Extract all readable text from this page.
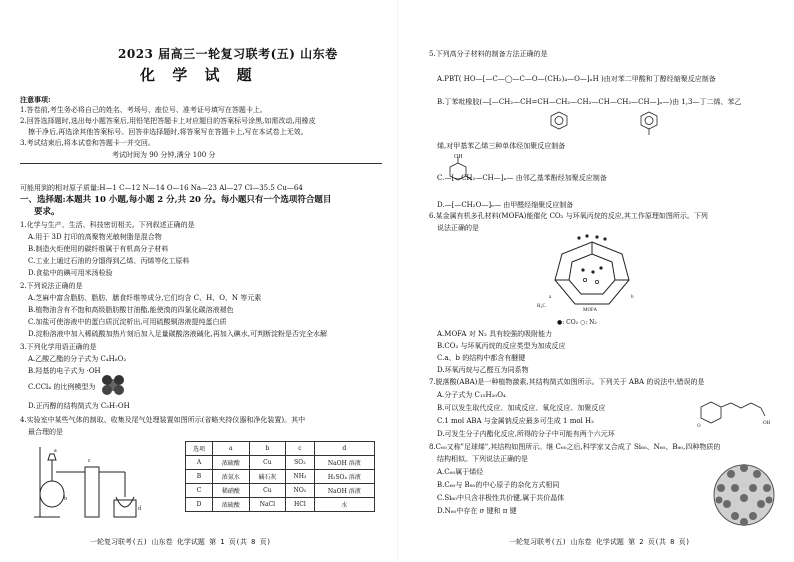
2023 届高三一轮复习联考(五) 山东卷
化 学 试 题
注意事项:
1.答卷前,考生务必将自己的姓名、考场号、座位号、准考证号填写在答题卡上。
2.回答选择题时,选出每小题答案后,用铅笔把答题卡上对应题目的答案标号涂黑,如需改动,用橡皮
擦干净后,再选涂其他答案标号。回答非选择题时,将答案写在答题卡上,写在本试卷上无效。
3.考试结束后,将本试卷和答题卡一并交回。
考试时间为 90 分钟,满分 100 分
可能用到的相对原子质量:H—1 C—12 N—14 O—16 Na—23 Al—27 Cl—35.5 Cu—64
一、选择题:本题共 10 小题,每小题 2 分,共 20 分。每小题只有一个选项符合题目
要求。
1.化学与生产、生活、科技密切相关。下列叙述正确的是
A.用于 3D 打印的高聚物光敏树脂是混合物
B.制造火炬使用的碳纤维属于有机高分子材料
C.工业上通过石油的分馏得到乙烯、丙烯等化工原料
D.食盐中的碘可用米汤检验
2.下列说法正确的是
A.芝麻中富含脂肪、脂肪、膳食纤维等成分,它们均含 C、H、O、N 等元素
B.植物油含有不饱和高级脂肪酸甘油酯,能使溴的四氯化碳溶液褪色
C.加盐可使溶液中的蛋白质沉淀析出,可用硫酸铜溶液提纯蛋白质
D.淀粉溶液中加入稀硫酸加热片刻后加入足量碳酸溶液碱化,再加入碘水,可判断淀粉是否完全水解
3.下列化学用语正确的是
A.乙酸乙酯的分子式为 C₄H₈O₂
B.羟基的电子式为 ·OH
C.CCl₄ 的比例模型为
D.正丙醇的结构简式为 C₃H₇OH
4.实验室中某些气体的制取、收集及尾气处理装置如图所示(省略夹持仪器和净化装置)。其中
最合理的是
a
b
c
d
选项	a	b	c	d
A	浓硫酸	Cu	SO₂	NaOH 溶液
B	浓氨水	碱石灰	NH₃	H₂SO₄ 溶液
C	稀硝酸	Cu	NO₂	NaOH 溶液
D	浓硫酸	NaCl	HCl	水
一轮复习联考(五) 山东卷 化学试题 第 1 页(共 8 页)
5.下列高分子材料的制备方法正确的是
A.PBT( HO—[—C—◯—C—O—(CH₂)₄—O—]ₙH )由对苯二甲酸和丁醇经缩聚反应制备
B.丁苯吡橡胶(—[—CH₂—CH=CH—CH₂—CH₂—CH—CH₂—CH—]ₙ—)由 1,3—丁二烯、苯乙
烯,对甲基苯乙烯三种单体经加聚反应制备
OH
C.—[—CH₂—CH—]ₙ— 由邻乙基苯酚经加聚反应制备
D.—[—CH₂O—]ₙ— 由甲醛经缩聚反应制备
6.某金属有机多孔材料(MOFA)能催化 CO₂ 与环氧丙烷的反应,其工作原理如图所示。下列
说法正确的是
MOFA
a	b
H₃C
●: CO₂ ○: N₂
A.MOFA 对 N₂ 具有较强的吸附能力
B.CO₂ 与环氧丙烷的反应类型为加成反应
C.a、b 的结构中都含有醚键
D.环氧丙烷与乙醛互为同系物
7.脱落酸(ABA)是一种植物激素,其结构简式如图所示。下列关于 ABA 的说法中,错误的是
A.分子式为 C₁₅H₂₀O₄
B.可以发生取代反应、加成反应、氧化反应、加聚反应
C.1 mol ABA 与金属钠反应最多可生成 1 mol H₂
D.可发生分子内酯化反应,所得的分子中可能有两个六元环
O
OH
8.C₆₀又称"足球烯",其结构如图所示。继 C₆₀之后,科学家又合成了 Si₆₀、N₆₀、B₈₀,四种物质的
结构相似。下列说法正确的是
A.C₆₀属于烯烃
B.C₆₀与 B₈₀的中心原子的杂化方式相同
C.Si₆₀中只含非极性共价键,属于共价晶体
D.N₆₀中存在 σ 键和 π 键
一轮复习联考(五) 山东卷 化学试题 第 2 页(共 8 页)
